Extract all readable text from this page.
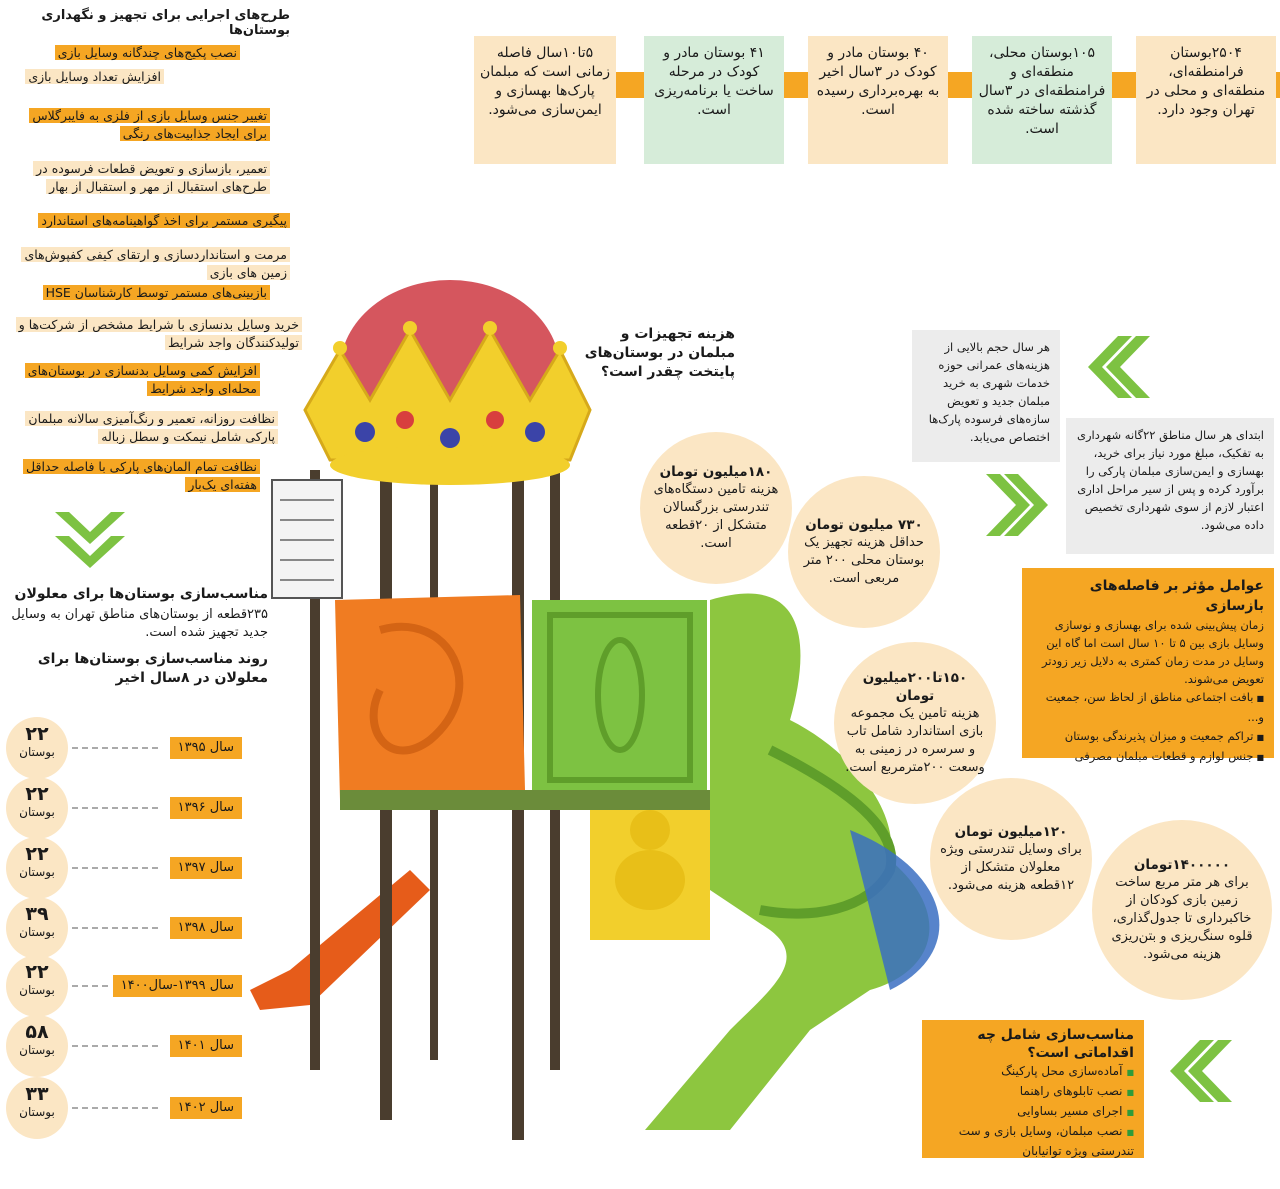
۲۵۰۴بوستان فرامنطقه‌ای، منطقه‌ای و محلی در تهران وجود دارد.
۱۰۵بوستان محلی، منطقه‌ای و فرامنطقه‌ای در ۳سال گذشته ساخته شده است.
۴۰ بوستان مادر و کودک در ۳سال اخیر به بهره‌برداری رسیده است.
۴۱ بوستان مادر و کودک در مرحله ساخت یا برنامه‌ریزی است.
۵تا۱۰سال فاصله زمانی است که مبلمان پارک‌ها بهسازی و ایمن‌سازی می‌شود.
طرح‌های اجرایی برای تجهیز و نگهداری بوستان‌ها
نصب پکیج‌های چندگانه وسایل بازی
افزایش تعداد وسایل بازی
تغییر جنس وسایل بازی از فلزی به فایبرگلاس برای ایجاد جذابیت‌های رنگی
تعمیر، بازسازی و تعویض قطعات فرسوده در طرح‌های استقبال از مهر و استقبال از بهار
پیگیری مستمر برای اخذ گواهینامه‌های استاندارد
مرمت و استانداردسازی و ارتقای کیفی کفپوش‌های زمین های بازی
بازبینی‌های مستمر توسط کارشناسان HSE
خرید وسایل بدنسازی با شرایط مشخص از شرکت‌ها و تولیدکنندگان واجد شرایط
افزایش کمی وسایل بدنسازی در بوستان‌های محله‌ای واجد شرایط
نظافت روزانه، تعمیر و رنگ‌آمیزی سالانه مبلمان پارکی شامل نیمکت و سطل زباله
نظافت تمام المان‌های پارکی با فاصله حداقل هفته‌ای یک‌بار
مناسب‌سازی بوستان‌ها برای معلولان
۲۳۵قطعه از بوستان‌های مناطق تهران به وسایل جدید تجهیز شده است.
روند مناسب‌سازی بوستان‌ها برای معلولان در ۸سال اخیر
۲۲
بوستان	سال ۱۳۹۵
۲۲
بوستان	سال ۱۳۹۶
۲۲
بوستان	سال ۱۳۹۷
۳۹
بوستان	سال ۱۳۹۸
۲۲
بوستان	سال ۱۳۹۹-سال۱۴۰۰
۵۸
بوستان	سال ۱۴۰۱
۳۳
بوستان	سال ۱۴۰۲
هزینه تجهیزات و مبلمان در بوستان‌های پایتخت چقدر است؟
۱۸۰میلیون تومان
هزینه تامین دستگاه‌های تندرستی بزرگسالان متشکل از ۲۰قطعه است.
۷۳۰ میلیون تومان
حداقل هزینه تجهیز یک بوستان محلی ۲۰۰ متر مربعی است.
۱۵۰تا۲۰۰میلیون تومان
هزینه تامین یک مجموعه بازی استاندارد شامل تاب و سرسره در زمینی به وسعت ۲۰۰مترمربع است.
۱۲۰میلیون تومان
برای وسایل تندرستی ویژه معلولان متشکل از ۱۲قطعه هزینه می‌شود.
۱۴۰۰۰۰۰تومان
برای هر متر مربع ساخت زمین بازی کودکان از خاکبرداری تا جدول‌گذاری، قلوه سنگ‌ریزی و بتن‌ریزی هزینه می‌شود.
هر سال حجم بالایی از هزینه‌های عمرانی حوزه خدمات شهری به خرید مبلمان جدید و تعویض سازه‌های فرسوده پارک‌ها اختصاص می‌یابد.	ابتدای هر سال مناطق ۲۲گانه شهرداری به تفکیک، مبلغ مورد نیاز برای خرید، بهسازی و ایمن‌سازی مبلمان پارکی را برآورد کرده و پس از سیر مراحل اداری اعتبار لازم از سوی شهرداری تخصیص داده می‌شود.
عوامل مؤثر بر فاصله‌های بازسازی
زمان پیش‌بینی شده برای بهسازی و نوسازی وسایل بازی بین ۵ تا ۱۰ سال است اما گاه این وسایل در مدت زمان کمتری به دلایل زیر زودتر تعویض می‌شوند.
■ بافت اجتماعی مناطق از لحاظ سن، جمعیت و...
■ تراکم جمعیت و میزان پذیرندگی بوستان
■ جنس لوازم و قطعات مبلمان مصرفی
مناسب‌سازی شامل چه اقداماتی است؟
■ آماده‌سازی محل پارکینگ
■ نصب تابلوهای راهنما
■ اجرای مسیر بساوایی
■ نصب مبلمان، وسایل بازی و ست تندرستی ویژه توانیابان
